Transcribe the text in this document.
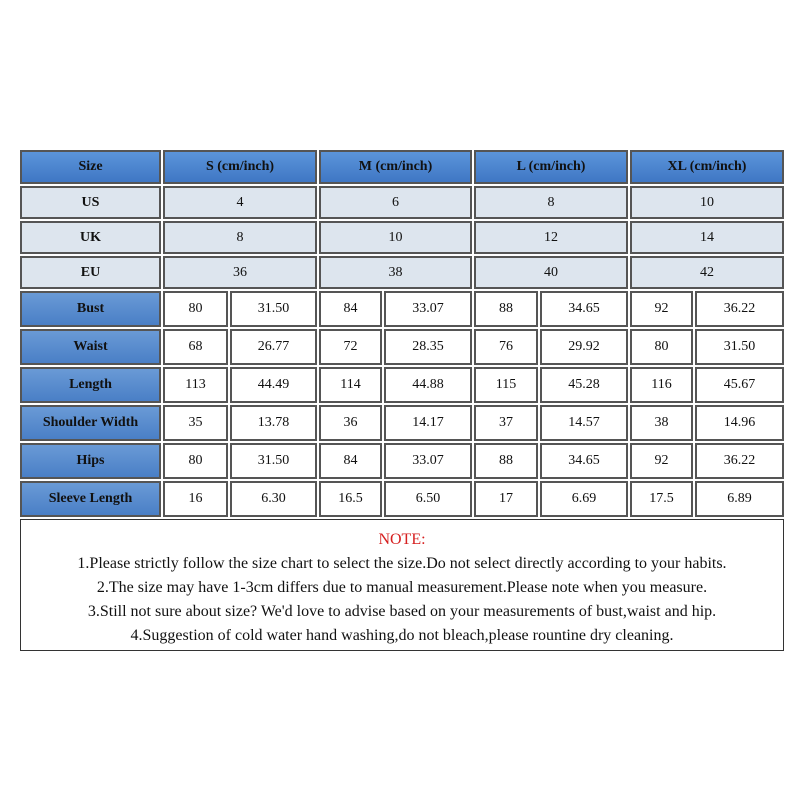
Size	S (cm/inch)	M (cm/inch)	L (cm/inch)	XL (cm/inch)
US	4	6	8	10
UK	8	10	12	14
EU	36	38	40	42
Bust	80	31.50	84	33.07	88	34.65	92	36.22
Waist	68	26.77	72	28.35	76	29.92	80	31.50
Length	113	44.49	114	44.88	115	45.28	116	45.67
Shoulder Width	35	13.78	36	14.17	37	14.57	38	14.96
Hips	80	31.50	84	33.07	88	34.65	92	36.22
Sleeve Length	16	6.30	16.5	6.50	17	6.69	17.5	6.89
NOTE:
1.Please strictly follow the size chart to select the size.Do not select directly according to your habits.
2.The size may have 1-3cm differs due to manual measurement.Please note when you measure.
3.Still not sure about size? We'd love to advise based on your measurements of bust,waist and hip.
4.Suggestion of cold water hand washing,do not bleach,please rountine dry cleaning.
